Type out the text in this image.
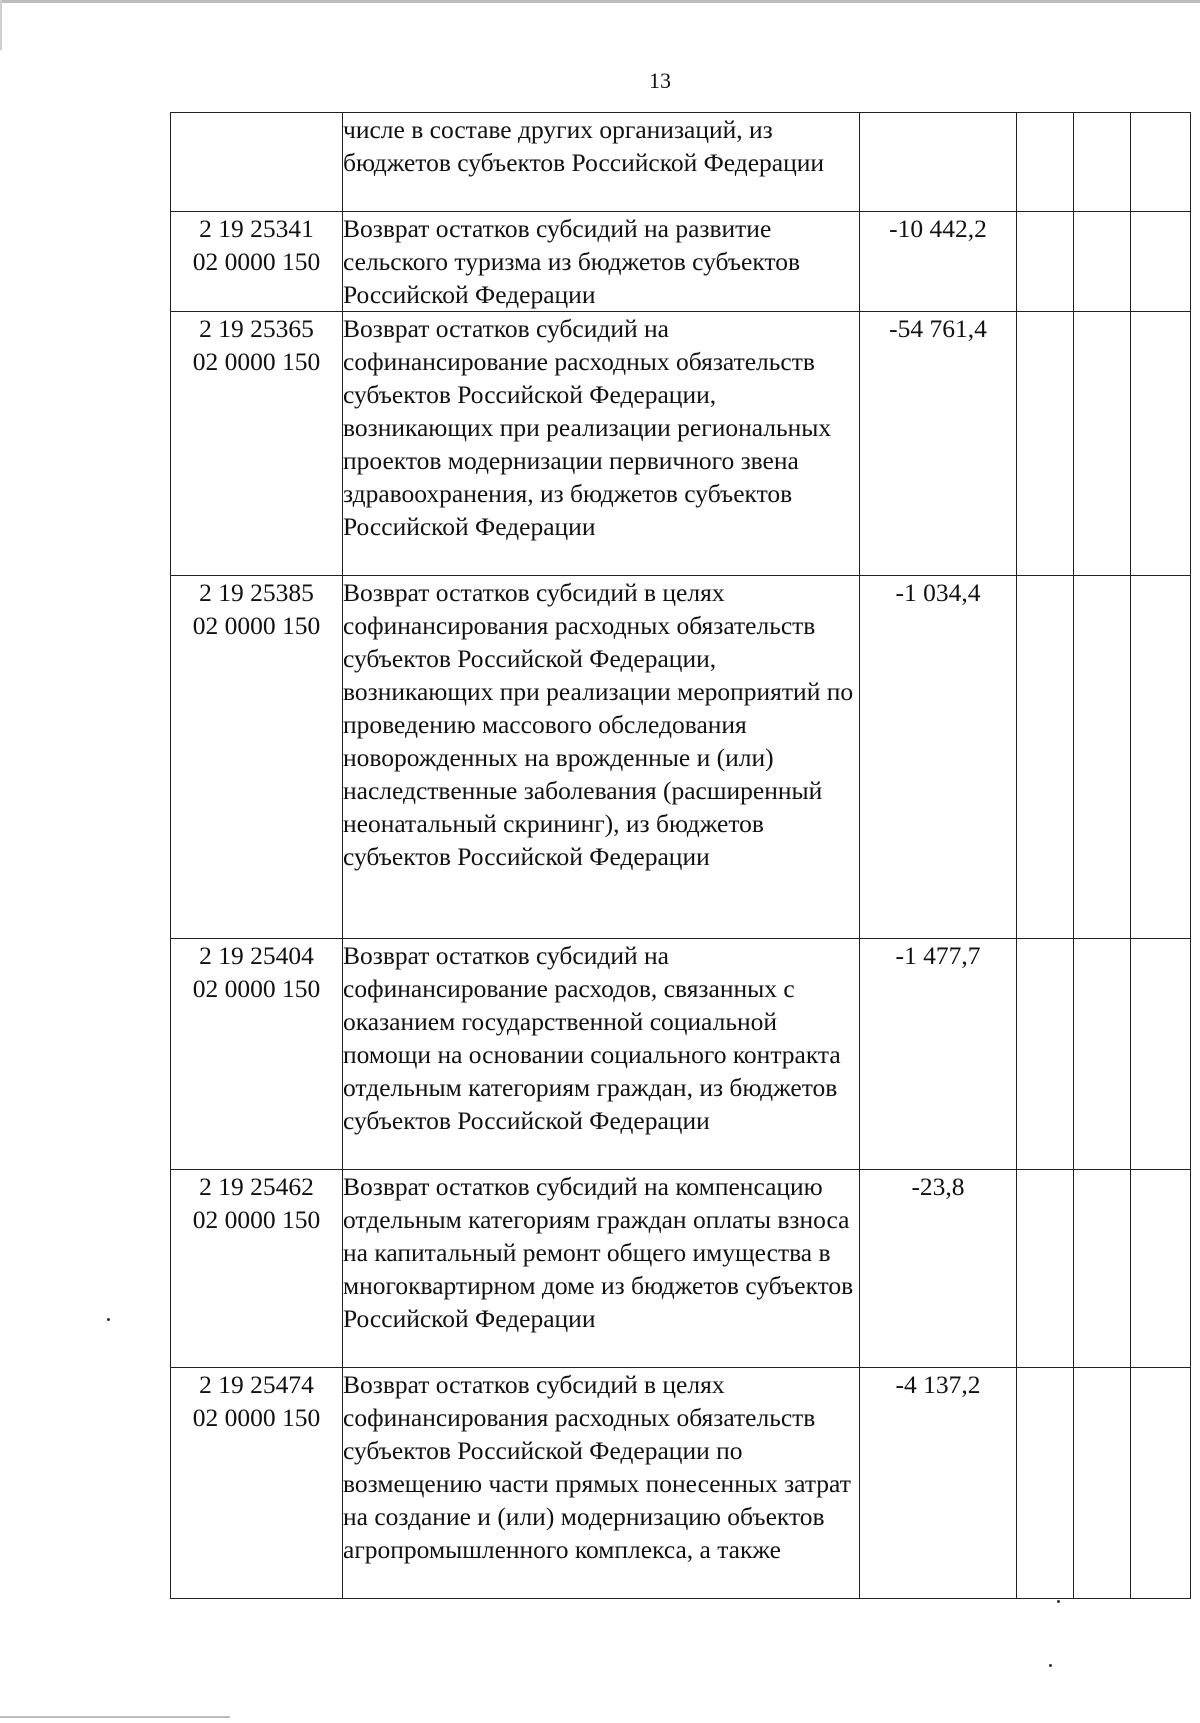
13
	числе в составе других организаций, из бюджетов субъектов Российской Федерации				

2 19 25341
02 0000 150	Возврат остатков субсидий на развитие сельского туризма из бюджетов субъектов Российской Федерации	-10 442,2			

2 19 25365
02 0000 150	Возврат остатков субсидий на софинансирование расходных обязательств субъектов Российской Федерации, возникающих при реализации региональных проектов модернизации первичного звена здравоохранения, из бюджетов субъектов Российской Федерации	-54 761,4			

2 19 25385
02 0000 150	Возврат остатков субсидий в целях софинансирования расходных обязательств субъектов Российской Федерации, возникающих при реализации мероприятий по проведению массового обследования новорожденных на врожденные и (или) наследственные заболевания (расширенный неонатальный скрининг), из бюджетов субъектов Российской Федерации	-1 034,4			

2 19 25404
02 0000 150	Возврат остатков субсидий на софинансирование расходов, связанных с оказанием государственной социальной помощи на основании социального контракта отдельным категориям граждан, из бюджетов субъектов Российской Федерации	-1 477,7			

2 19 25462
02 0000 150	Возврат остатков субсидий на компенсацию отдельным категориям граждан оплаты взноса на капитальный ремонт общего имущества в многоквартирном доме из бюджетов субъектов Российской Федерации	-23,8			

2 19 25474
02 0000 150	Возврат остатков субсидий в целях софинансирования расходных обязательств субъектов Российской Федерации по возмещению части прямых понесенных затрат на создание и (или) модернизацию объектов агропромышленного комплекса, а также	-4 137,2			
